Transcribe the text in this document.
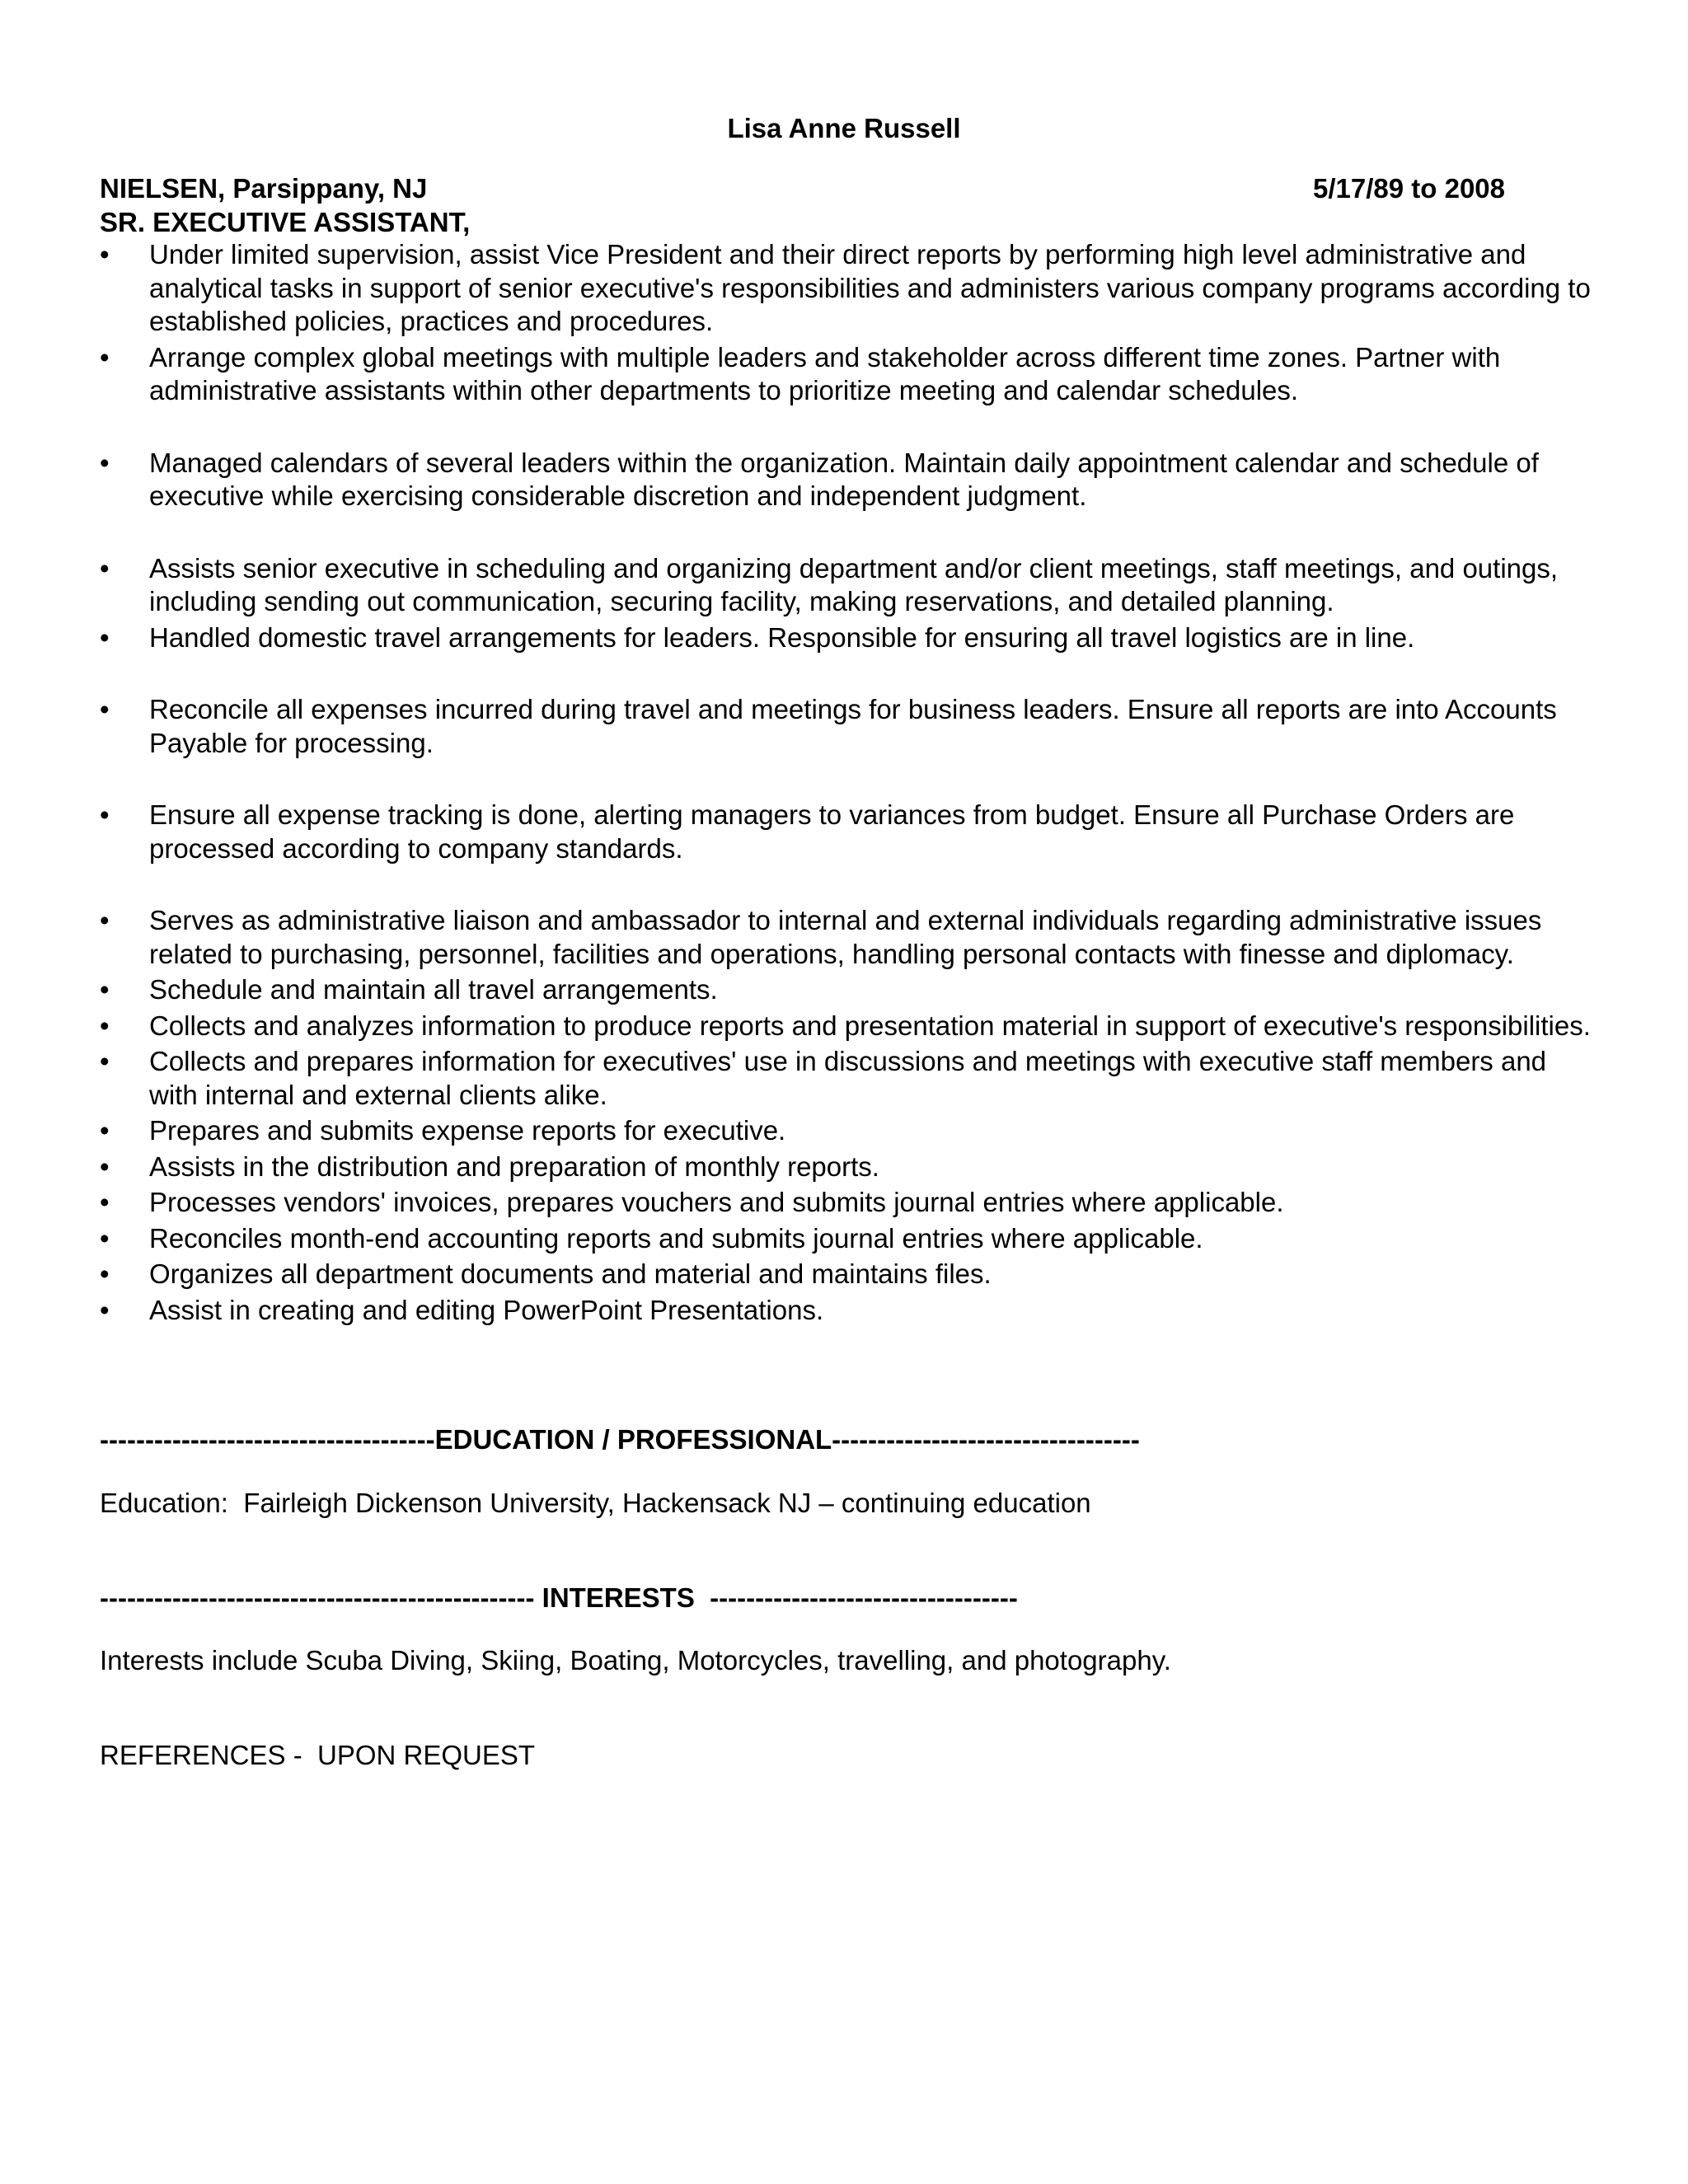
Lisa Anne Russell
NIELSEN, Parsippany, NJ	5/17/89 to 2008
SR. EXECUTIVE ASSISTANT,
•	Under limited supervision, assist Vice President and their direct reports by performing high level administrative and analytical tasks in support of senior executive's responsibilities and administers various company programs according to established policies, practices and procedures.
•	Arrange complex global meetings with multiple leaders and stakeholder across different time zones. Partner with administrative assistants within other departments to prioritize meeting and calendar schedules.
•	Managed calendars of several leaders within the organization. Maintain daily appointment calendar and schedule of executive while exercising considerable discretion and independent judgment.
•	Assists senior executive in scheduling and organizing department and/or client meetings, staff meetings, and outings, including sending out communication, securing facility, making reservations, and detailed planning.
•	Handled domestic travel arrangements for leaders. Responsible for ensuring all travel logistics are in line.
•	Reconcile all expenses incurred during travel and meetings for business leaders. Ensure all reports are into Accounts Payable for processing.
•	Ensure all expense tracking is done, alerting managers to variances from budget. Ensure all Purchase Orders are processed according to company standards.
•	Serves as administrative liaison and ambassador to internal and external individuals regarding administrative issues related to purchasing, personnel, facilities and operations, handling personal contacts with finesse and diplomacy.
•	Schedule and maintain all travel arrangements.
•	Collects and analyzes information to produce reports and presentation material in support of executive's responsibilities.
•	Collects and prepares information for executives' use in discussions and meetings with executive staff members and with internal and external clients alike.
•	Prepares and submits expense reports for executive.
•	Assists in the distribution and preparation of monthly reports.
•	Processes vendors' invoices, prepares vouchers and submits journal entries where applicable.
•	Reconciles month-end accounting reports and submits journal entries where applicable.
•	Organizes all department documents and material and maintains files.
•	Assist in creating and editing PowerPoint Presentations.
-------------------------------------EDUCATION / PROFESSIONAL----------------------------------
Education:  Fairleigh Dickenson University, Hackensack NJ – continuing education
------------------------------------------------ INTERESTS  ----------------------------------
Interests include Scuba Diving, Skiing, Boating, Motorcycles, travelling, and photography.
REFERENCES -  UPON REQUEST
